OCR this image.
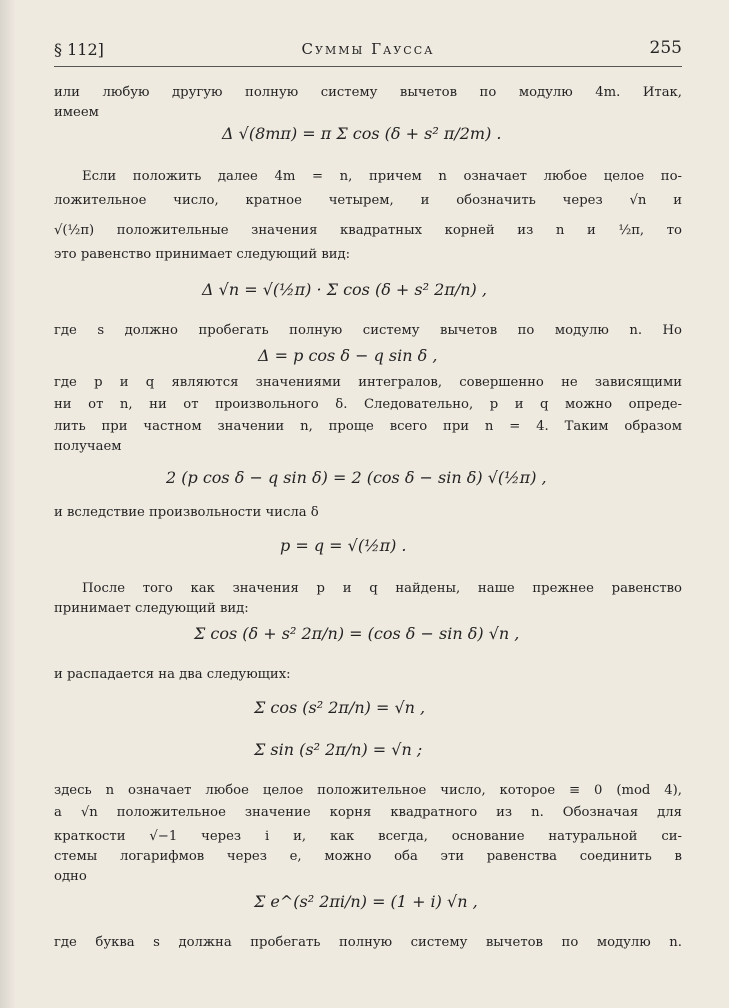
§ 112]	Суммы Гаусса	255
или любую другую полную систему вычетов по модулю 4m. Итак,
имеем
Δ √(8mπ) = π Σ cos (δ + s² π/2m) .
Если положить далее 4m = n, причем n означает любое целое по-
ложительное число, кратное четырем, и обозначить через √n и
√(½π) положительные значения квадратных корней из n и ½π, то
это равенство принимает следующий вид:
Δ √n = √(½π) · Σ cos (δ + s² 2π/n) ,
где s должно пробегать полную систему вычетов по модулю n. Но
Δ = p cos δ − q sin δ ,
где p и q являются значениями интегралов, совершенно не зависящими
ни от n, ни от произвольного δ. Следовательно, p и q можно опреде-
лить при частном значении n, проще всего при n = 4. Таким образом
получаем
2 (p cos δ − q sin δ) = 2 (cos δ − sin δ) √(½π) ,
и вследствие произвольности числа δ
p = q = √(½π) .
После того как значения p и q найдены, наше прежнее равенство
принимает следующий вид:
Σ cos (δ + s² 2π/n) = (cos δ − sin δ) √n ,
и распадается на два следующих:
Σ cos (s² 2π/n) = √n ,
Σ sin (s² 2π/n) = √n ;
здесь n означает любое целое положительное число, которое ≡ 0 (mod 4),
а √n положительное значение корня квадратного из n. Обозначая для
краткости √−1 через i и, как всегда, основание натуральной си-
стемы логарифмов через e, можно оба эти равенства соединить в
одно
Σ e^(s² 2πi/n) = (1 + i) √n ,
где буква s должна пробегать полную систему вычетов по модулю n.
